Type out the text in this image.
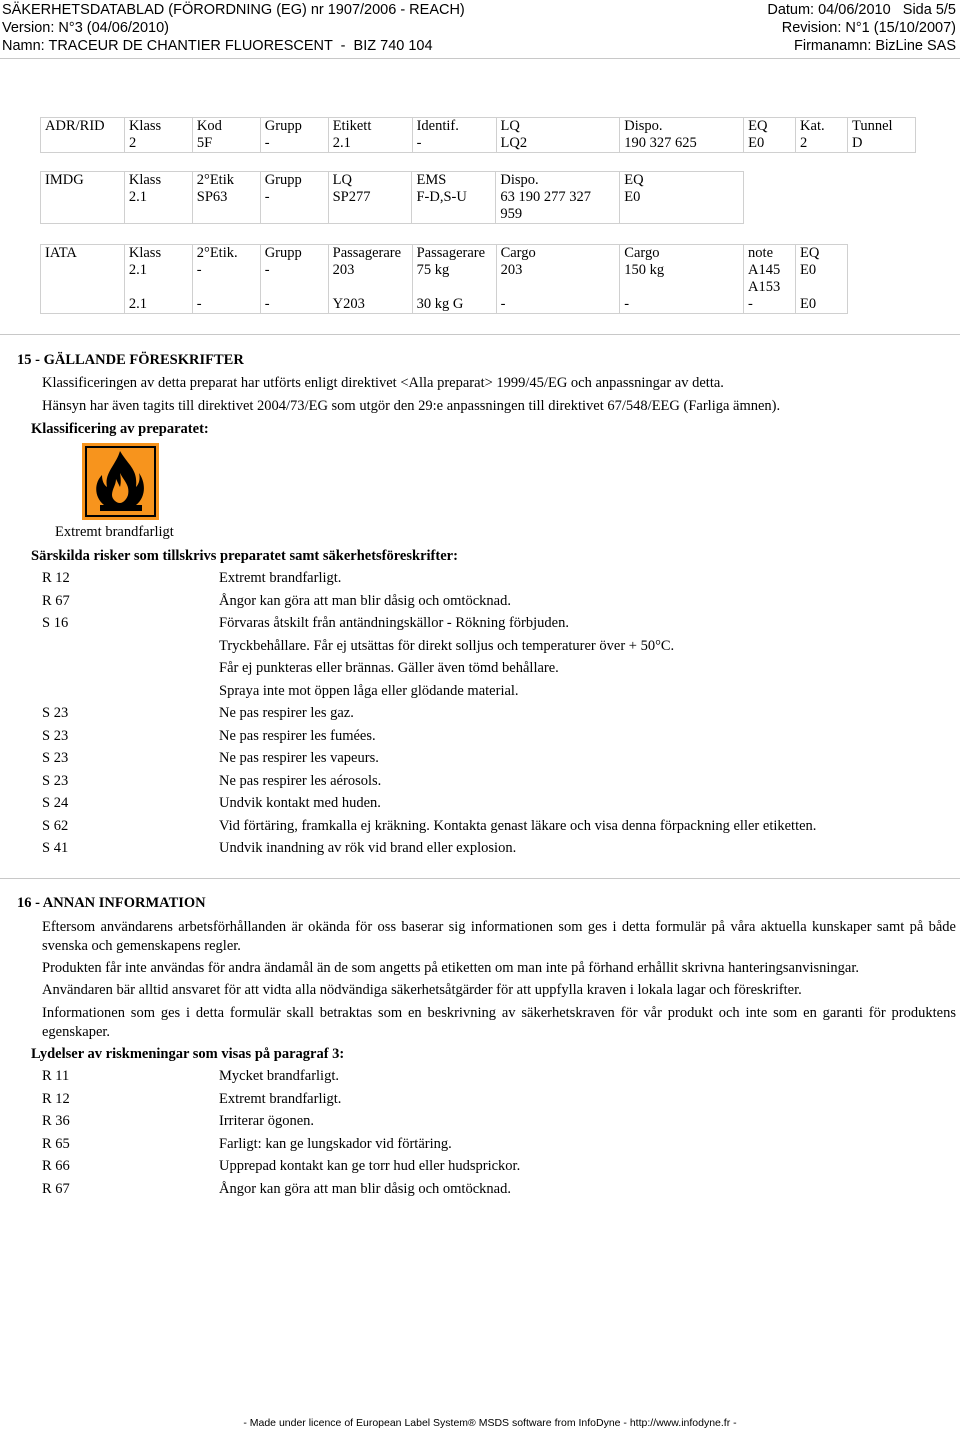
SÄKERHETSDATABLAD (FÖRORDNING (EG) nr 1907/2006 - REACH)	Datum: 04/06/2010 Sida 5/5
Version: N°3 (04/06/2010)	Revision: N°1 (15/10/2007)
Namn: TRACEUR DE CHANTIER FLUORESCENT  -  BIZ 740 104	Firmanamn: BizLine SAS
ADR/RID	Klass	Kod	Grupp	Etikett	Identif.	LQ	Dispo.	EQ	Kat.	Tunnel
	2	5F	-	2.1	-	LQ2	190 327 625	E0	2	D
IMDG	Klass	2°Etik	Grupp	LQ	EMS	Dispo.	EQ
	2.1	SP63	-	SP277	F-D,S-U	63 190 277 327	E0
						959	
IATA	Klass	2°Etik.	Grupp	Passagerare	Passagerare	Cargo	Cargo	note	EQ
	2.1	-	-	203	75 kg	203	150 kg	A145	E0
								A153	
	2.1	-	-	Y203	30 kg G	-	-	-	E0
15 - GÄLLANDE FÖRESKRIFTER
Klassificeringen av detta preparat har utförts enligt direktivet <Alla preparat> 1999/45/EG och anpassningar av detta.
Hänsyn har även tagits till direktivet 2004/73/EG som utgör den 29:e anpassningen till direktivet 67/548/EEG (Farliga ämnen).
Klassificering av preparatet:
Extremt brandfarligt
Särskilda risker som tillskrivs preparatet samt säkerhetsföreskrifter:
R 12	Extremt brandfarligt.
R 67	Ångor kan göra att man blir dåsig och omtöcknad.
S 16	Förvaras åtskilt från antändningskällor - Rökning förbjuden.
Tryckbehållare. Får ej utsättas för direkt solljus och temperaturer över + 50°C.
Får ej punkteras eller brännas. Gäller även tömd behållare.
Spraya inte mot öppen låga eller glödande material.
S 23	Ne pas respirer les gaz.
S 23	Ne pas respirer les fumées.
S 23	Ne pas respirer les vapeurs.
S 23	Ne pas respirer les aérosols.
S 24	Undvik kontakt med huden.
S 62	Vid förtäring, framkalla ej kräkning. Kontakta genast läkare och visa denna förpackning eller etiketten.
S 41	Undvik inandning av rök vid brand eller explosion.
16 - ANNAN INFORMATION
Eftersom användarens arbetsförhållanden är okända för oss baserar sig informationen som ges i detta formulär på våra aktuella kunskaper samt på både svenska och gemenskapens regler.
Produkten får inte användas för andra ändamål än de som angetts på etiketten om man inte på förhand erhållit skrivna hanteringsanvisningar.
Användaren bär alltid ansvaret för att vidta alla nödvändiga säkerhetsåtgärder för att uppfylla kraven i lokala lagar och föreskrifter.
Informationen som ges i detta formulär skall betraktas som en beskrivning av säkerhetskraven för vår produkt och inte som en garanti för produktens egenskaper.
Lydelser av riskmeningar som visas på paragraf 3:
R 11	Mycket brandfarligt.
R 12	Extremt brandfarligt.
R 36	Irriterar ögonen.
R 65	Farligt: kan ge lungskador vid förtäring.
R 66	Upprepad kontakt kan ge torr hud eller hudsprickor.
R 67	Ångor kan göra att man blir dåsig och omtöcknad.
- Made under licence of European Label System® MSDS software from InfoDyne - http://www.infodyne.fr -
